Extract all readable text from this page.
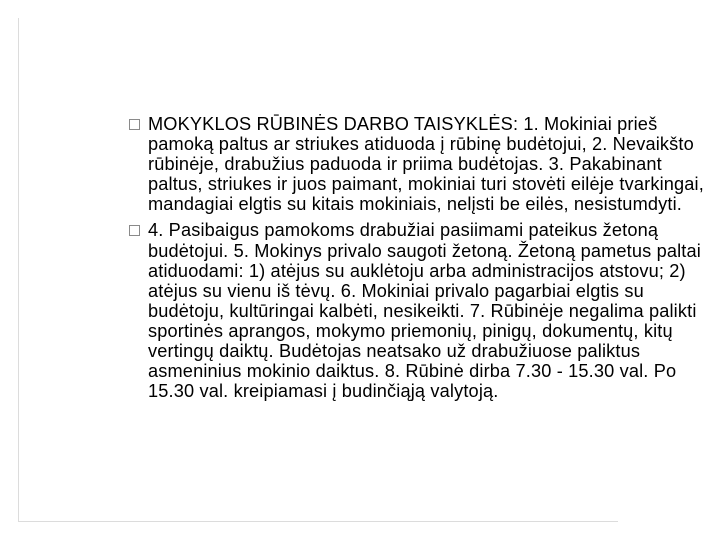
MOKYKLOS RŪBINĖS DARBO TAISYKLĖS: 1. Mokiniai prieš pamoką paltus ar striukes atiduoda į rūbinę budėtojui, 2. Nevaikšto rūbinėje, drabužius paduoda ir priima budėtojas. 3. Pakabinant paltus, striukes ir juos paimant, mokiniai turi stovėti eilėje tvarkingai, mandagiai elgtis su kitais mokiniais, nelįsti be eilės, nesistumdyti.

4. Pasibaigus pamokoms drabužiai pasiimami pateikus žetoną budėtojui. 5. Mokinys privalo saugoti žetoną. Žetoną pametus paltai atiduodami: 1) atėjus su auklėtoju arba administracijos atstovu; 2) atėjus su vienu iš tėvų. 6. Mokiniai privalo pagarbiai elgtis su budėtoju, kultūringai kalbėti, nesikeikti. 7. Rūbinėje negalima palikti sportinės aprangos, mokymo priemonių, pinigų, dokumentų, kitų vertingų daiktų. Budėtojas neatsako už drabužiuose paliktus asmeninius mokinio daiktus. 8. Rūbinė dirba 7.30 - 15.30 val. Po 15.30 val. kreipiamasi į budinčiąją valytoją.
